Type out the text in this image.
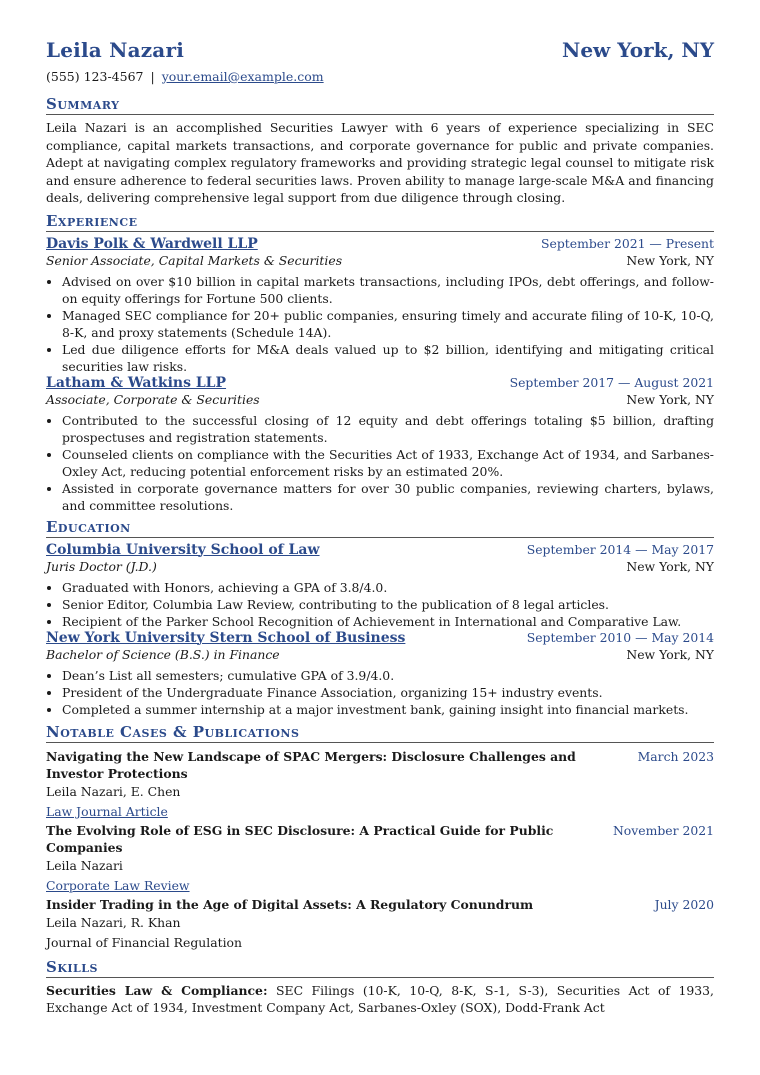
Leila Nazari	New York, NY
(555) 123-4567 | your.email@example.com
Summary
Leila Nazari is an accomplished Securities Lawyer with 6 years of experience specializing in SEC compliance, capital markets transactions, and corporate governance for public and private companies. Adept at navigating complex regulatory frameworks and providing strategic legal counsel to mitigate risk and ensure adherence to federal securities laws. Proven ability to manage large-scale M&A and financing deals, delivering comprehensive legal support from due diligence through closing.
Experience
Davis Polk & Wardwell LLP	September 2021 — Present
Senior Associate, Capital Markets & Securities	New York, NY
• Advised on over $10 billion in capital markets transactions, including IPOs, debt offerings, and follow-on equity offerings for Fortune 500 clients.
• Managed SEC compliance for 20+ public companies, ensuring timely and accurate filing of 10-K, 10-Q, 8-K, and proxy statements (Schedule 14A).
• Led due diligence efforts for M&A deals valued up to $2 billion, identifying and mitigating critical securities law risks.
Latham & Watkins LLP	September 2017 — August 2021
Associate, Corporate & Securities	New York, NY
• Contributed to the successful closing of 12 equity and debt offerings totaling $5 billion, drafting prospectuses and registration statements.
• Counseled clients on compliance with the Securities Act of 1933, Exchange Act of 1934, and Sarbanes-Oxley Act, reducing potential enforcement risks by an estimated 20%.
• Assisted in corporate governance matters for over 30 public companies, reviewing charters, bylaws, and committee resolutions.
Education
Columbia University School of Law	September 2014 — May 2017
Juris Doctor (J.D.)	New York, NY
• Graduated with Honors, achieving a GPA of 3.8/4.0.
• Senior Editor, Columbia Law Review, contributing to the publication of 8 legal articles.
• Recipient of the Parker School Recognition of Achievement in International and Comparative Law.
New York University Stern School of Business	September 2010 — May 2014
Bachelor of Science (B.S.) in Finance	New York, NY
• Dean’s List all semesters; cumulative GPA of 3.9/4.0.
• President of the Undergraduate Finance Association, organizing 15+ industry events.
• Completed a summer internship at a major investment bank, gaining insight into financial markets.
Notable Cases & Publications
Navigating the New Landscape of SPAC Mergers: Disclosure Challenges and Investor Protections
March 2023
Leila Nazari, E. Chen
Law Journal Article
The Evolving Role of ESG in SEC Disclosure: A Practical Guide for Public Companies
November 2021
Leila Nazari
Corporate Law Review
Insider Trading in the Age of Digital Assets: A Regulatory Conundrum	July 2020
Leila Nazari, R. Khan
Journal of Financial Regulation
Skills
Securities Law & Compliance: SEC Filings (10-K, 10-Q, 8-K, S-1, S-3), Securities Act of 1933, Exchange Act of 1934, Investment Company Act, Sarbanes-Oxley (SOX), Dodd-Frank Act
